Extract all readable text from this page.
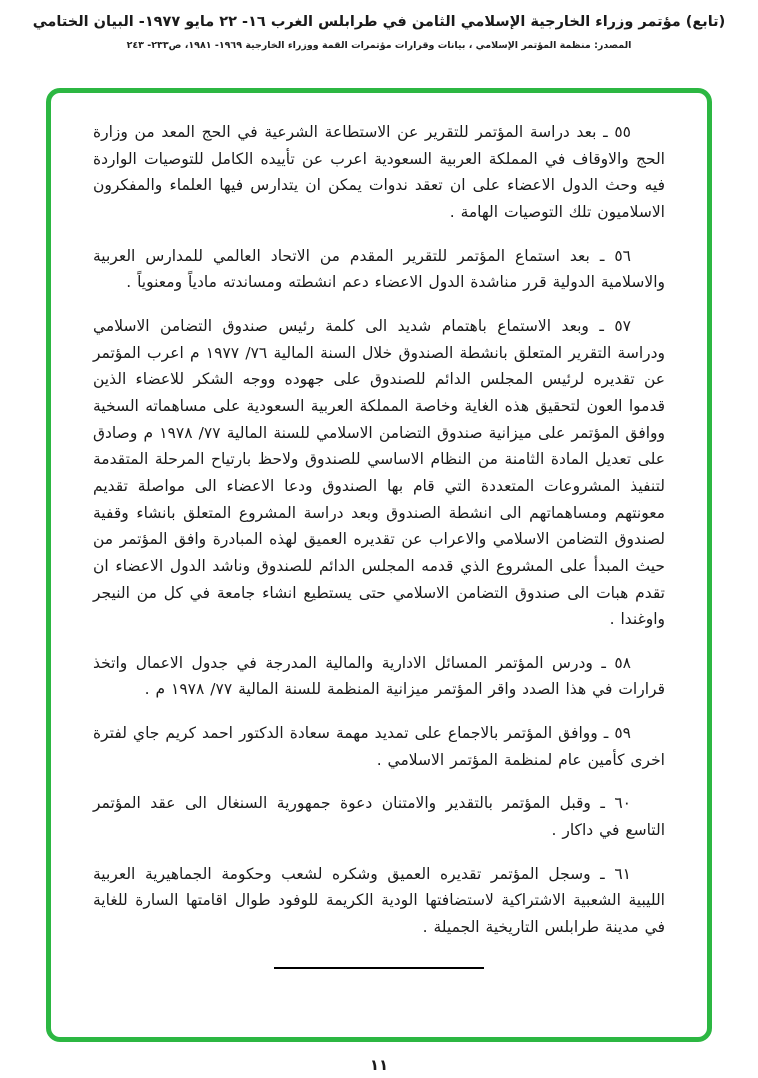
(تابع) مؤتمر وزراء الخارجية الإسلامي الثامن في طرابلس الغرب ١٦- ٢٢ مايو ١٩٧٧- البيان الختامي
المصدر: منظمة المؤتمر الإسلامي ، بيانات وقرارات مؤتمرات القمة ووزراء الخارجية ١٩٦٩- ١٩٨١، ص٢٣٣- ٢٤٣

٥٥ ـ بعد دراسة المؤتمر للتقرير عن الاستطاعة الشرعية في الحج المعد من وزارة الحج والاوقاف في المملكة العربية السعودية اعرب عن تأييده الكامل للتوصيات الواردة فيه وحث الدول الاعضاء على ان تعقد ندوات يمكن ان يتدارس فيها العلماء والمفكرون الاسلاميون تلك التوصيات الهامة .

٥٦ ـ بعد استماع المؤتمر للتقرير المقدم من الاتحاد العالمي للمدارس العربية والاسلامية الدولية قرر مناشدة الدول الاعضاء دعم انشطته ومساندته مادياً ومعنوياً .

٥٧ ـ وبعد الاستماع باهتمام شديد الى كلمة رئيس صندوق التضامن الاسلامي ودراسة التقرير المتعلق بانشطة الصندوق خلال السنة المالية ٧٦/ ١٩٧٧ م اعرب المؤتمر عن تقديره لرئيس المجلس الدائم للصندوق على جهوده ووجه الشكر للاعضاء الذين قدموا العون لتحقيق هذه الغاية وخاصة المملكة العربية السعودية على مساهماته السخية ووافق المؤتمر على ميزانية صندوق التضامن الاسلامي للسنة المالية ٧٧/ ١٩٧٨ م وصادق على تعديل المادة الثامنة من النظام الاساسي للصندوق ولاحظ بارتياح المرحلة المتقدمة لتنفيذ المشروعات المتعددة التي قام بها الصندوق ودعا الاعضاء الى مواصلة تقديم معونتهم ومساهماتهم الى انشطة الصندوق وبعد دراسة المشروع المتعلق بانشاء وقفية لصندوق التضامن الاسلامي والاعراب عن تقديره العميق لهذه المبادرة وافق المؤتمر من حيث المبدأ على المشروع الذي قدمه المجلس الدائم للصندوق وناشد الدول الاعضاء ان تقدم هبات الى صندوق التضامن الاسلامي حتى يستطيع انشاء جامعة في كل من النيجر واوغندا .

٥٨ ـ ودرس المؤتمر المسائل الادارية والمالية المدرجة في جدول الاعمال واتخذ قرارات في هذا الصدد واقر المؤتمر ميزانية المنظمة للسنة المالية ٧٧/ ١٩٧٨ م .

٥٩ ـ ووافق المؤتمر بالاجماع على تمديد مهمة سعادة الدكتور احمد كريم جاي لفترة اخرى كأمين عام لمنظمة المؤتمر الاسلامي .

٦٠ ـ وقبل المؤتمر بالتقدير والامتنان دعوة جمهورية السنغال الى عقد المؤتمر التاسع في داكار .

٦١ ـ وسجل المؤتمر تقديره العميق وشكره لشعب وحكومة الجماهيرية العربية الليبية الشعبية الاشتراكية لاستضافتها الودية الكريمة للوفود طوال اقامتها السارة للغاية في مدينة طرابلس التاريخية الجميلة .

١١
